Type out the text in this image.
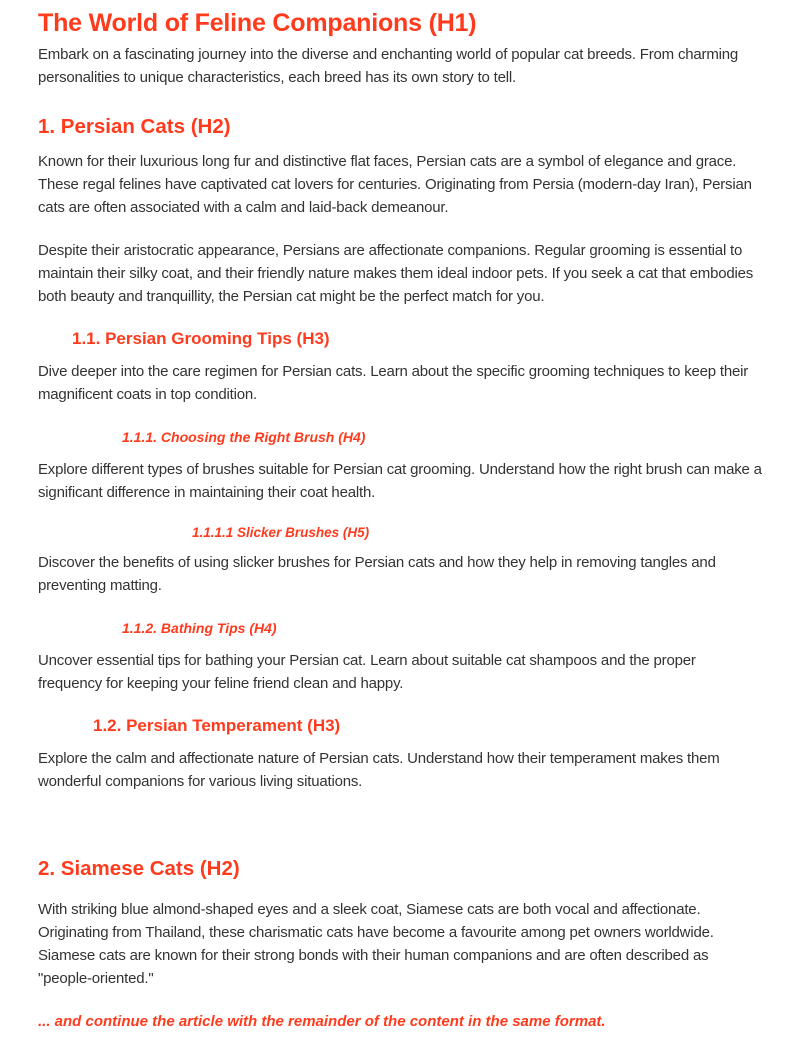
The World of Feline Companions (H1)

Embark on a fascinating journey into the diverse and enchanting world of popular cat breeds. From charming personalities to unique characteristics, each breed has its own story to tell.

1. Persian Cats (H2)

Known for their luxurious long fur and distinctive flat faces, Persian cats are a symbol of elegance and grace. These regal felines have captivated cat lovers for centuries. Originating from Persia (modern-day Iran), Persian cats are often associated with a calm and laid-back demeanour.

Despite their aristocratic appearance, Persians are affectionate companions. Regular grooming is essential to maintain their silky coat, and their friendly nature makes them ideal indoor pets. If you seek a cat that embodies both beauty and tranquillity, the Persian cat might be the perfect match for you.

1.1. Persian Grooming Tips (H3)

Dive deeper into the care regimen for Persian cats. Learn about the specific grooming techniques to keep their magnificent coats in top condition.

1.1.1. Choosing the Right Brush (H4)

Explore different types of brushes suitable for Persian cat grooming. Understand how the right brush can make a significant difference in maintaining their coat health.

1.1.1.1 Slicker Brushes (H5)

Discover the benefits of using slicker brushes for Persian cats and how they help in removing tangles and preventing matting.

1.1.2. Bathing Tips (H4)

Uncover essential tips for bathing your Persian cat. Learn about suitable cat shampoos and the proper frequency for keeping your feline friend clean and happy.

1.2. Persian Temperament (H3)

Explore the calm and affectionate nature of Persian cats. Understand how their temperament makes them wonderful companions for various living situations.

2. Siamese Cats (H2)

With striking blue almond-shaped eyes and a sleek coat, Siamese cats are both vocal and affectionate. Originating from Thailand, these charismatic cats have become a favourite among pet owners worldwide. Siamese cats are known for their strong bonds with their human companions and are often described as "people-oriented."

... and continue the article with the remainder of the content in the same format.
